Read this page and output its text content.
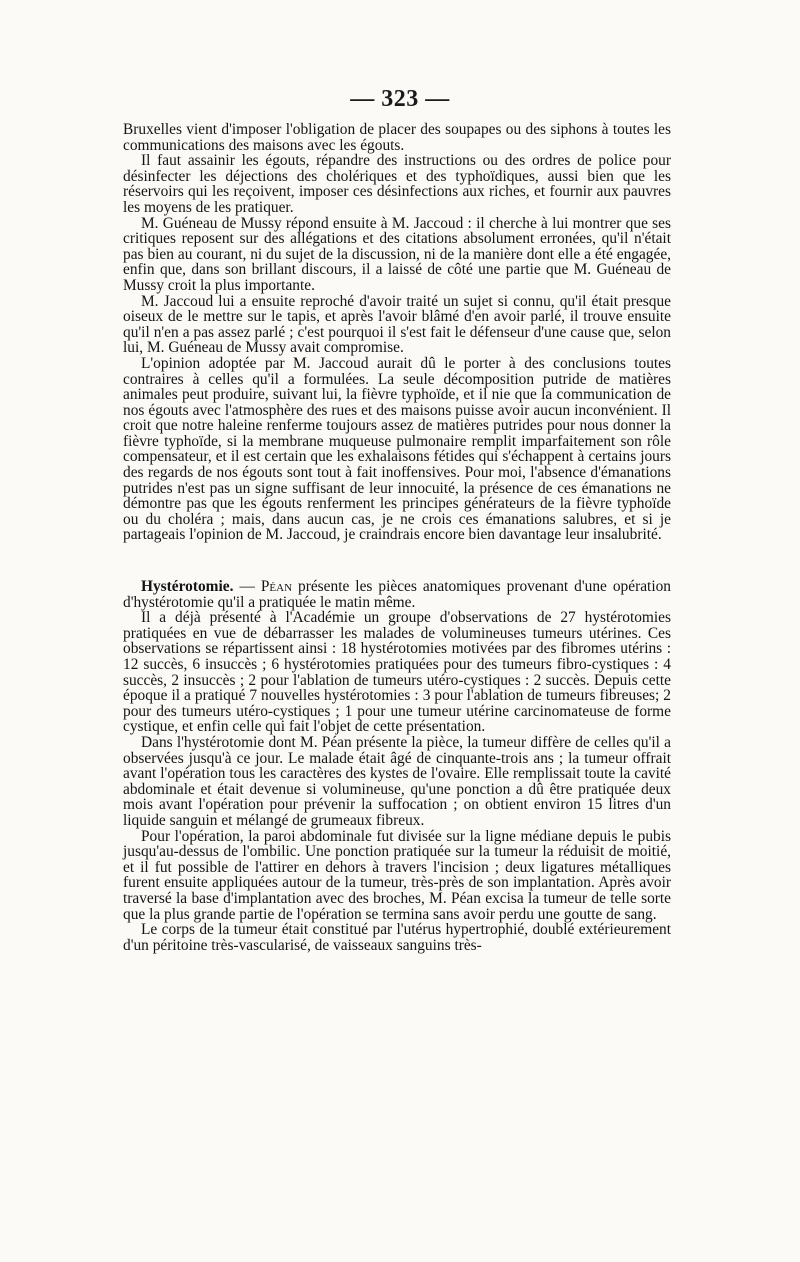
— 323 —

Bruxelles vient d'imposer l'obligation de placer des soupapes ou des siphons à toutes les communications des maisons avec les égouts.

Il faut assainir les égouts, répandre des instructions ou des ordres de police pour désinfecter les déjections des cholériques et des typhoïdiques, aussi bien que les réservoirs qui les reçoivent, imposer ces désinfections aux riches, et fournir aux pauvres les moyens de les pratiquer.

M. Guéneau de Mussy répond ensuite à M. Jaccoud : il cherche à lui montrer que ses critiques reposent sur des allégations et des citations absolument erronées, qu'il n'était pas bien au courant, ni du sujet de la discussion, ni de la manière dont elle a été engagée, enfin que, dans son brillant discours, il a laissé de côté une partie que M. Guéneau de Mussy croit la plus importante.

M. Jaccoud lui a ensuite reproché d'avoir traité un sujet si connu, qu'il était presque oiseux de le mettre sur le tapis, et après l'avoir blâmé d'en avoir parlé, il trouve ensuite qu'il n'en a pas assez parlé ; c'est pourquoi il s'est fait le défenseur d'une cause que, selon lui, M. Guéneau de Mussy avait compromise.

L'opinion adoptée par M. Jaccoud aurait dû le porter à des conclusions toutes contraires à celles qu'il a formulées. La seule décomposition putride de matières animales peut produire, suivant lui, la fièvre typhoïde, et il nie que la communication de nos égouts avec l'atmosphère des rues et des maisons puisse avoir aucun inconvénient. Il croit que notre haleine renferme toujours assez de matières putrides pour nous donner la fièvre typhoïde, si la membrane muqueuse pulmonaire remplit imparfaitement son rôle compensateur, et il est certain que les exhalaisons fétides qui s'échappent à certains jours des regards de nos égouts sont tout à fait inoffensives. Pour moi, l'absence d'émanations putrides n'est pas un signe suffisant de leur innocuité, la présence de ces émanations ne démontre pas que les égouts renferment les principes générateurs de la fièvre typhoïde ou du choléra ; mais, dans aucun cas, je ne crois ces émanations salubres, et si je partageais l'opinion de M. Jaccoud, je craindrais encore bien davantage leur insalubrité.

Hystérotomie. — Péan présente les pièces anatomiques provenant d'une opération d'hystérotomie qu'il a pratiquée le matin même.

Il a déjà présenté à l'Académie un groupe d'observations de 27 hystérotomies pratiquées en vue de débarrasser les malades de volumineuses tumeurs utérines. Ces observations se répartissent ainsi : 18 hystérotomies motivées par des fibromes utérins : 12 succès, 6 insuccès ; 6 hystérotomies pratiquées pour des tumeurs fibro-cystiques : 4 succès, 2 insuccès ; 2 pour l'ablation de tumeurs utéro-cystiques : 2 succès. Depuis cette époque il a pratiqué 7 nouvelles hystérotomies : 3 pour l'ablation de tumeurs fibreuses; 2 pour des tumeurs utéro-cystiques ; 1 pour une tumeur utérine carcinomateuse de forme cystique, et enfin celle qui fait l'objet de cette présentation.

Dans l'hystérotomie dont M. Péan présente la pièce, la tumeur diffère de celles qu'il a observées jusqu'à ce jour. Le malade était âgé de cinquante-trois ans ; la tumeur offrait avant l'opération tous les caractères des kystes de l'ovaire. Elle remplissait toute la cavité abdominale et était devenue si volumineuse, qu'une ponction a dû être pratiquée deux mois avant l'opération pour prévenir la suffocation ; on obtient environ 15 litres d'un liquide sanguin et mélangé de grumeaux fibreux.

Pour l'opération, la paroi abdominale fut divisée sur la ligne médiane depuis le pubis jusqu'au-dessus de l'ombilic. Une ponction pratiquée sur la tumeur la réduisit de moitié, et il fut possible de l'attirer en dehors à travers l'incision ; deux ligatures métalliques furent ensuite appliquées autour de la tumeur, très-près de son implantation. Après avoir traversé la base d'implantation avec des broches, M. Péan excisa la tumeur de telle sorte que la plus grande partie de l'opération se termina sans avoir perdu une goutte de sang.

Le corps de la tumeur était constitué par l'utérus hypertrophié, doublé extérieurement d'un péritoine très-vascularisé, de vaisseaux sanguins très-
